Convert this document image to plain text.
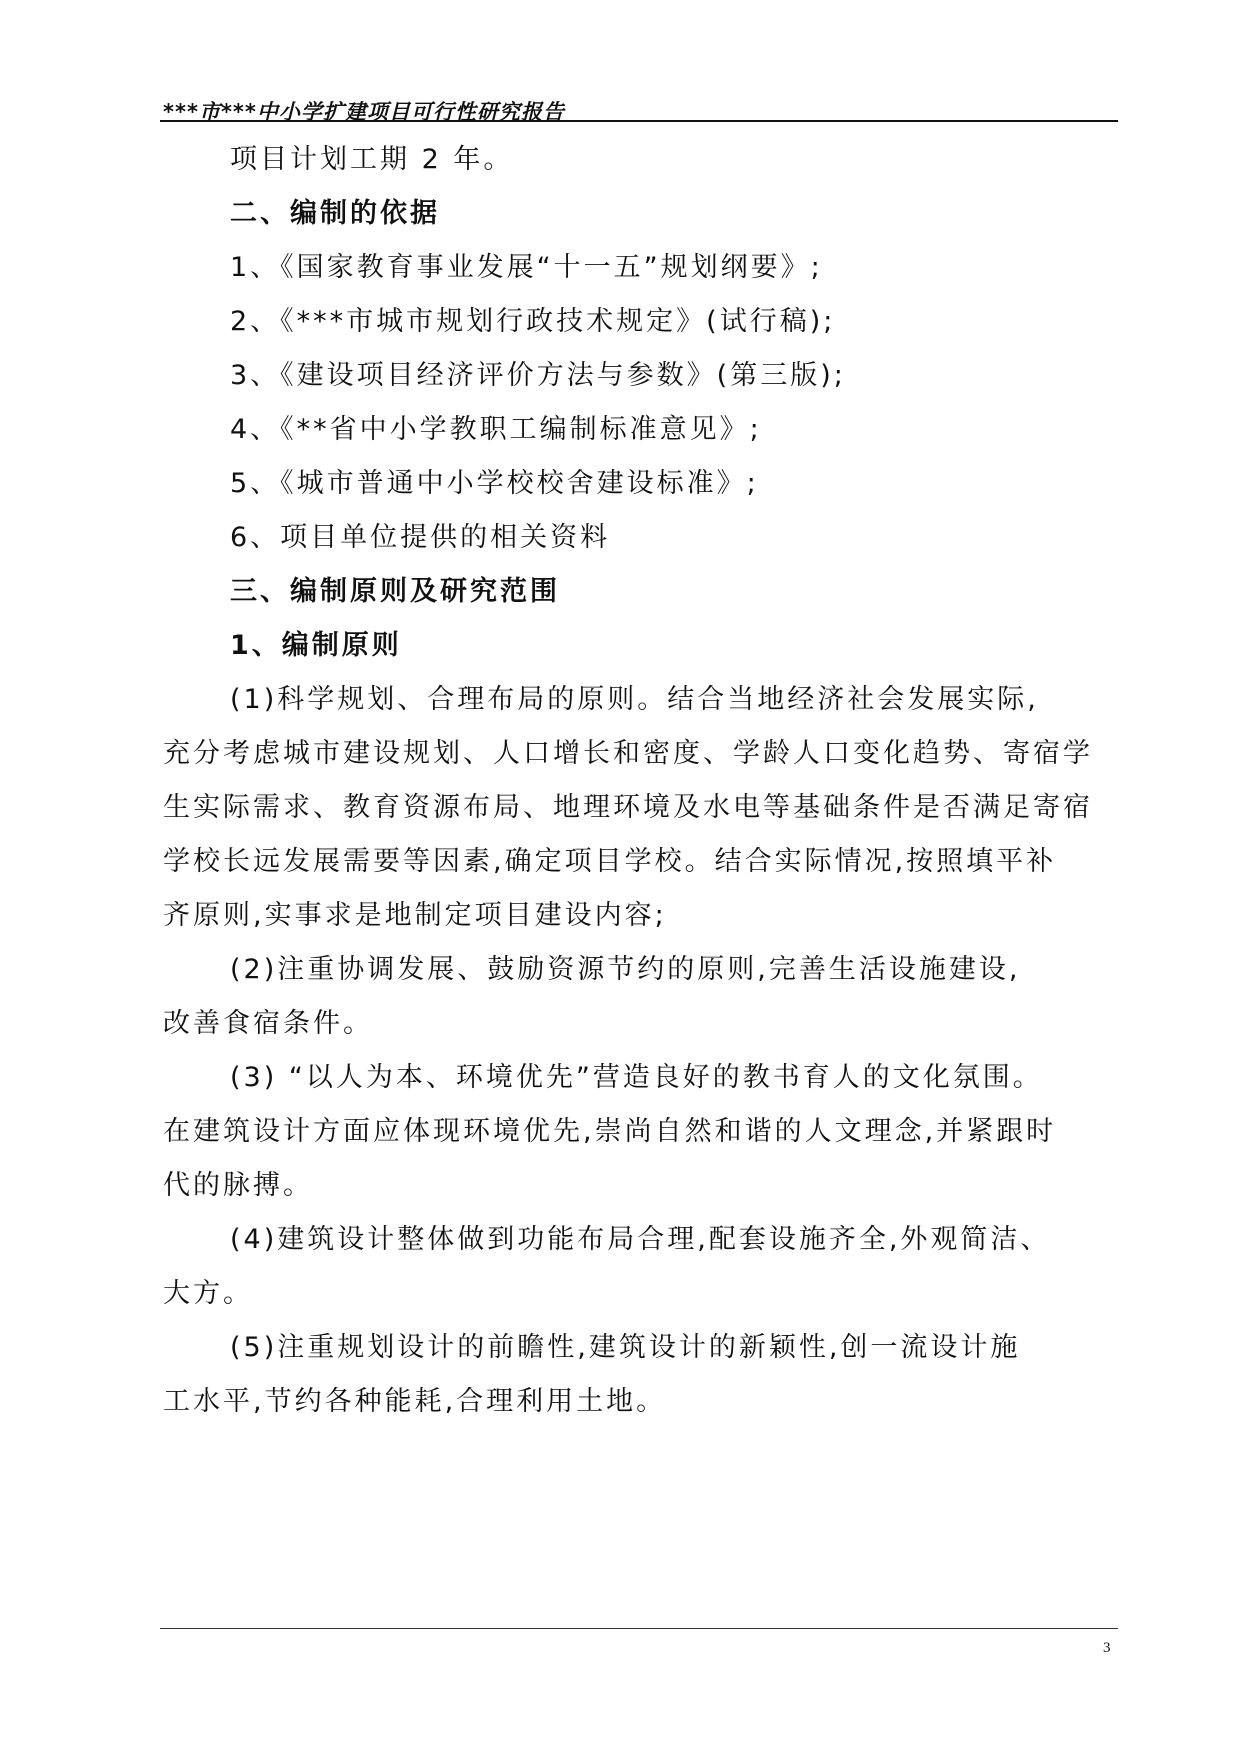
***市***中小学扩建项目可行性研究报告
项目计划工期 2 年。
二、编制的依据
1、《国家教育事业发展“十一五”规划纲要》;
2、《***市城市规划行政技术规定》(试行稿);
3、《建设项目经济评价方法与参数》(第三版);
4、《**省中小学教职工编制标准意见》;
5、《城市普通中小学校校舍建设标准》;
6、项目单位提供的相关资料
三、编制原则及研究范围
1、编制原则
(1)科学规划、合理布局的原则。结合当地经济社会发展实际,
充分考虑城市建设规划、人口增长和密度、学龄人口变化趋势、寄宿学
生实际需求、教育资源布局、地理环境及水电等基础条件是否满足寄宿
学校长远发展需要等因素,确定项目学校。结合实际情况,按照填平补
齐原则,实事求是地制定项目建设内容;
(2)注重协调发展、鼓励资源节约的原则,完善生活设施建设,
改善食宿条件。
(3) “以人为本、环境优先”营造良好的教书育人的文化氛围。
在建筑设计方面应体现环境优先,崇尚自然和谐的人文理念,并紧跟时
代的脉搏。
(4)建筑设计整体做到功能布局合理,配套设施齐全,外观简洁、
大方。
(5)注重规划设计的前瞻性,建筑设计的新颖性,创一流设计施
工水平,节约各种能耗,合理利用土地。
3
